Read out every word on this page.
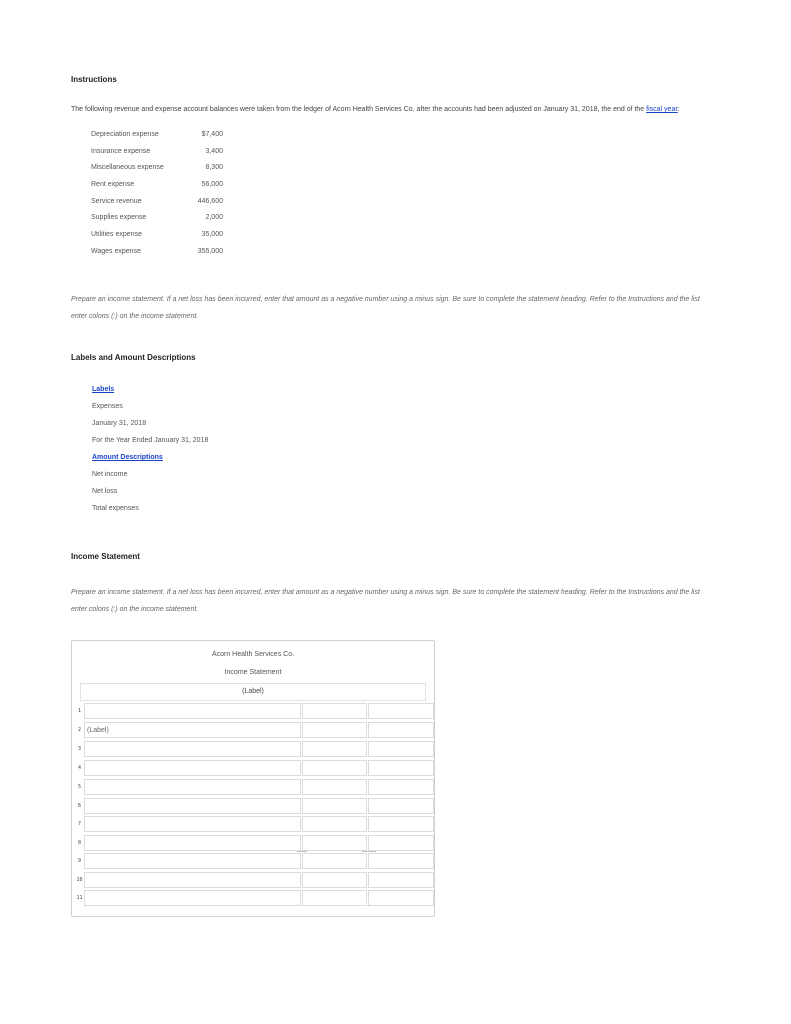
Instructions
The following revenue and expense account balances were taken from the ledger of Acorn Health Services Co. after the accounts had been adjusted on January 31, 2018, the end of the fiscal year:
Depreciation expense	$7,400
Insurance expense	3,400
Miscellaneous expense	8,300
Rent expense	56,000
Service revenue	446,600
Supplies expense	2,000
Utilities expense	35,000
Wages expense	355,000
Prepare an income statement. If a net loss has been incurred, enter that amount as a negative number using a minus sign. Be sure to complete the statement heading. Refer to the Instructions and the list
enter colons (:) on the income statement.
Labels and Amount Descriptions
Labels
Expenses
January 31, 2018
For the Year Ended January 31, 2018
Amount Descriptions
Net income
Net loss
Total expenses
Income Statement
Prepare an income statement. If a net loss has been incurred, enter that amount as a negative number using a minus sign. Be sure to complete the statement heading. Refer to the Instructions and the list
enter colons (:) on the income statement.
Acorn Health Services Co.
Income Statement
(Label)
1
2 (Label)
3
4
5
6
7
8
9
10
11
